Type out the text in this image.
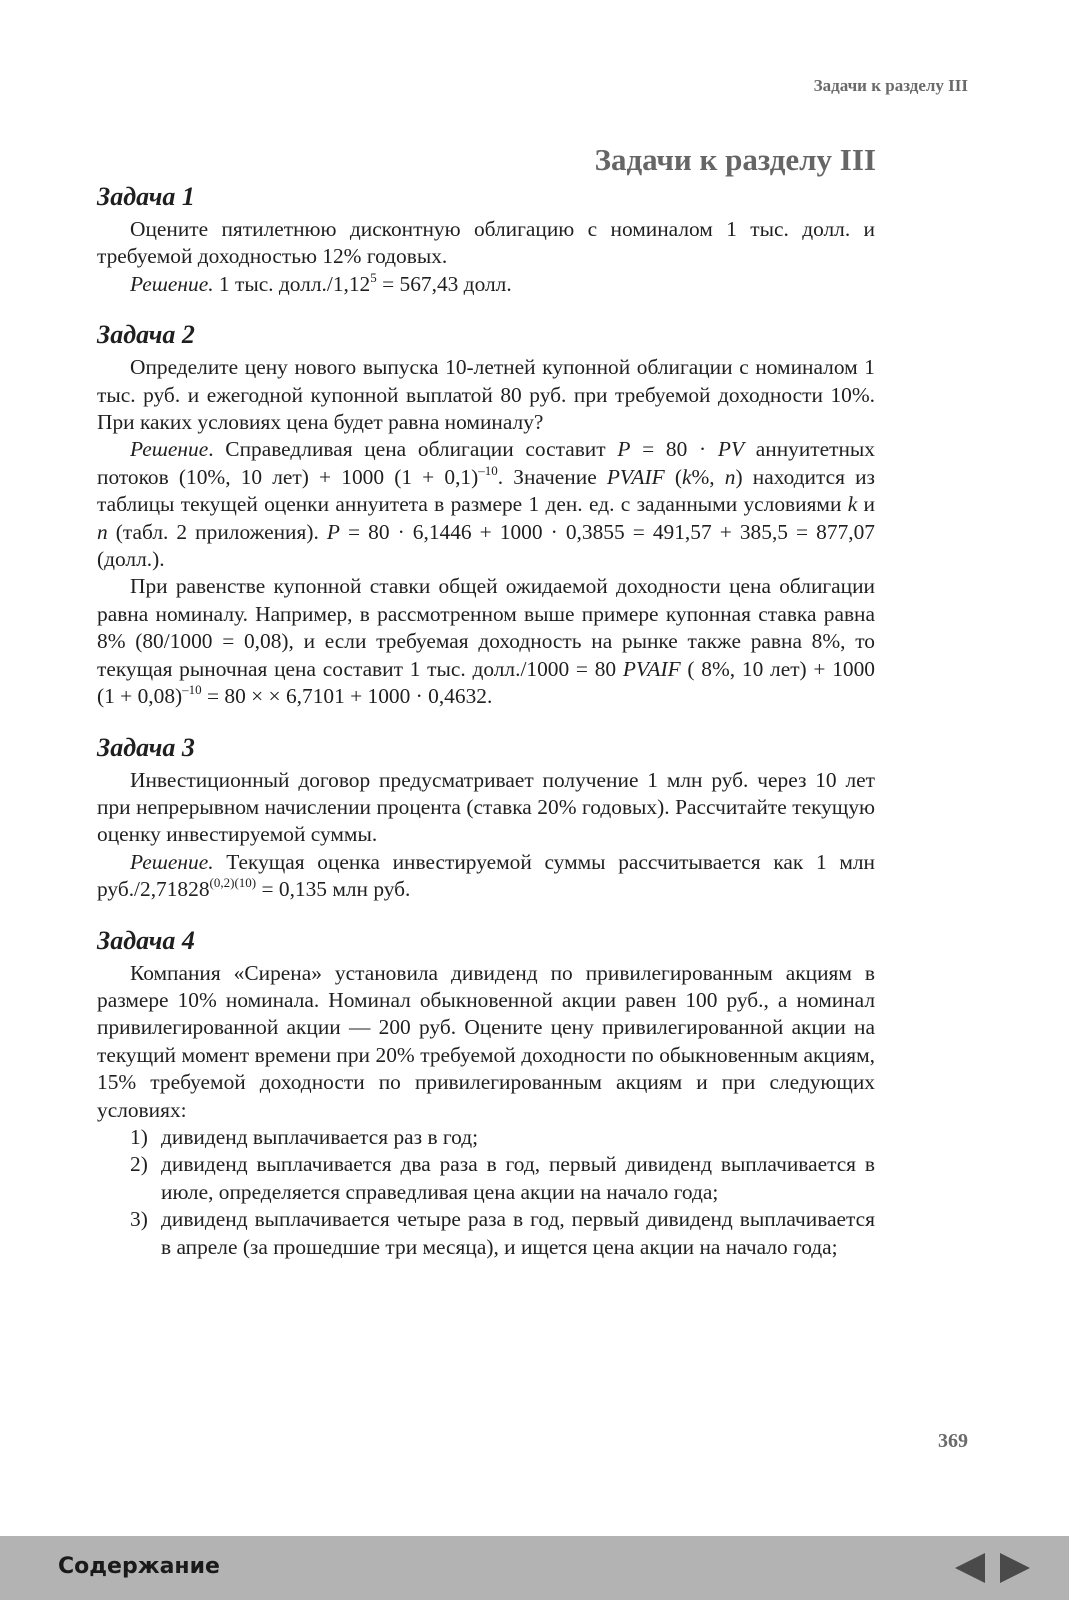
Задачи к разделу III
Задачи к разделу III
Задача 1

Оцените пятилетнюю дисконтную облигацию с номиналом 1 тыс. долл. и требуемой доходностью 12% годовых.

Решение. 1 тыс. $долл./1,12^5 = 567,43$ долл.

Задача 2

Определите цену нового выпуска 10-летней купонной облигации с номиналом 1 тыс. руб. и ежегодной купонной выплатой 80 руб. при требуемой доходности 10%. При каких условиях цена будет равна номиналу?

Решение. Справедливая цена облигации составит P = 80 · PV аннуитетных потоков (10%, 10 лет) + 1000 $(1 + 0,1)^{-10}$. Значение PVAIF (k%, n) находится из таблицы текущей оценки аннуитета в размере 1 ден. ед. с заданными условиями k и n (табл. 2 приложения). P = 80 · 6,1446 + 1000 · 0,3855 = 491,57 + 385,5 = 877,07 (долл.).

При равенстве купонной ставки общей ожидаемой доходности цена облигации равна номиналу. Например, в рассмотренном выше примере купонная ставка равна 8% (80/1000 = 0,08), и если требуемая доходность на рынке также равна 8%, то текущая рыночная цена составит 1 тыс. долл./1000 = 80 PVAIF ( 8%, 10 лет) + 1000 $(1 + 0,08)^{-10} = 80$ × × 6,7101 + 1000 · 0,4632.

Задача 3

Инвестиционный договор предусматривает получение 1 млн руб. через 10 лет при непрерывном начислении процента (ставка 20% годовых). Рассчитайте текущую оценку инвестируемой суммы.

Решение. Текущая оценка инвестируемой суммы рассчитывается как 1 млн $руб./2,71828^{(0,2)(10)} = 0,135$ млн руб.

Задача 4

Компания «Сирена» установила дивиденд по привилегированным акциям в размере 10% номинала. Номинал обыкновенной акции равен 100 руб., а номинал привилегированной акции — 200 руб. Оцените цену привилегированной акции на текущий момент времени при 20% требуемой доходности по обыкновенным акциям, 15% требуемой доходности по привилегированным акциям и при следующих условиях:

1) дивиденд выплачивается раз в год;
2) дивиденд выплачивается два раза в год, первый дивиденд выплачивается в июле, определяется справедливая цена акции на начало года;
3) дивиденд выплачивается четыре раза в год, первый дивиденд выплачивается в апреле (за прошедшие три месяца), и ищется цена акции на начало года;
369
Содержание
